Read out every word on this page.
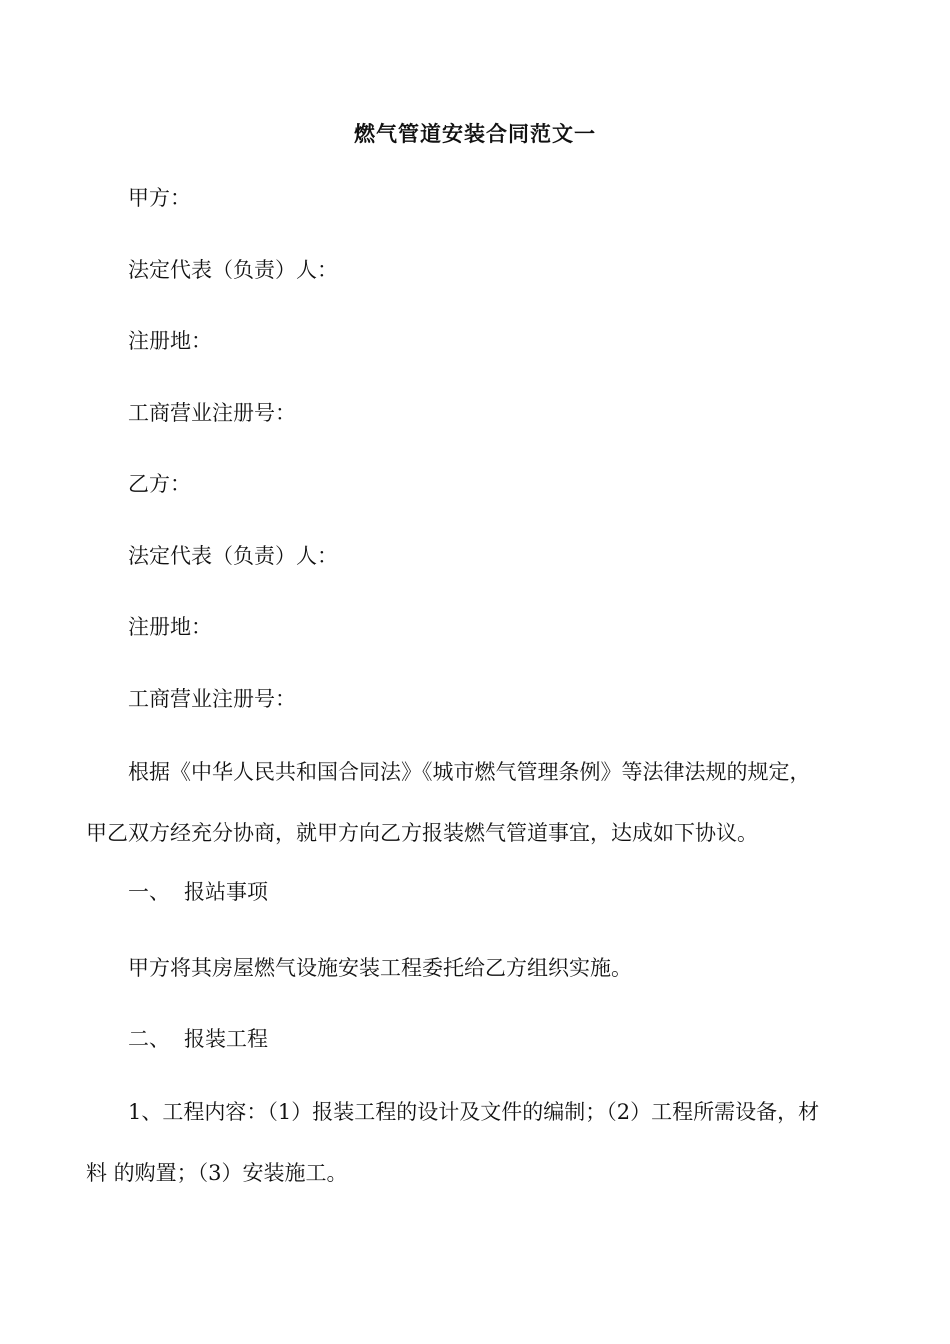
燃气管道安装合同范文一
甲方：
法定代表（负责）人：
注册地：
工商营业注册号：
乙方：
法定代表（负责）人：
注册地：
工商营业注册号：
根据《中华人民共和国合同法》《城市燃气管理条例》等法律法规的规定，
甲乙双方经充分协商，就甲方向乙方报装燃气管道事宜，达成如下协议。
一、 报站事项
甲方将其房屋燃气设施安装工程委托给乙方组织实施。
二、 报装工程
1、工程内容：（1）报装工程的设计及文件的编制；（2）工程所需设备，材
料 的购置；（3）安装施工。
